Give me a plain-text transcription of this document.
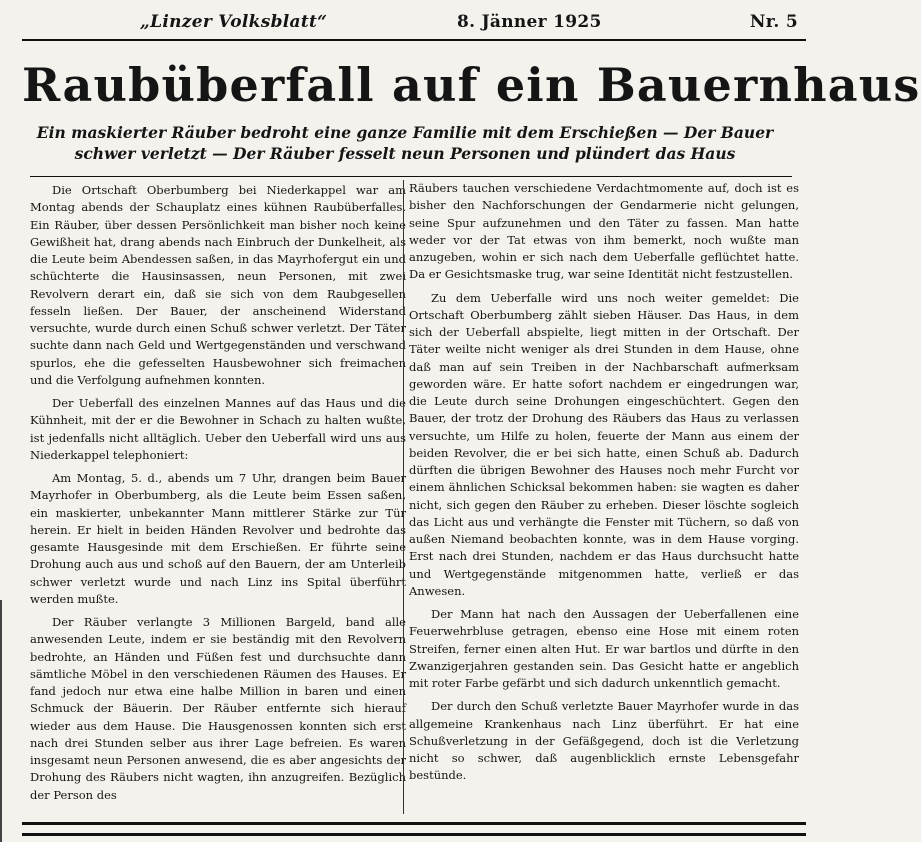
„Linzer Volksblatt“	8. Jänner 1925	Nr. 5
Raubüberfall auf ein Bauernhaus
Ein maskierter Räuber bedroht eine ganze Familie mit dem Erschießen — Der Bauer schwer verletzt — Der Räuber fesselt neun Personen und plündert das Haus

Die Ortschaft Oberbumberg bei Niederkappel war am Montag abends der Schauplatz eines kühnen Raubüberfalles. Ein Räuber, über dessen Persönlichkeit man bisher noch keine Gewißheit hat, drang abends nach Einbruch der Dunkelheit, als die Leute beim Abendessen saßen, in das Mayrhofergut ein und schüchterte die Hausinsassen, neun Personen, mit zwei Revolvern derart ein, daß sie sich von dem Raubgesellen fesseln ließen. Der Bauer, der anscheinend Widerstand versuchte, wurde durch einen Schuß schwer verletzt. Der Täter suchte dann nach Geld und Wertgegenständen und verschwand spurlos, ehe die gefesselten Hausbewohner sich freimachen und die Verfolgung aufnehmen konnten.

Der Ueberfall des einzelnen Mannes auf das Haus und die Kühnheit, mit der er die Bewohner in Schach zu halten wußte, ist jedenfalls nicht alltäglich. Ueber den Ueberfall wird uns aus Niederkappel telephoniert:

Am Montag, 5. d., abends um 7 Uhr, drangen beim Bauer Mayrhofer in Oberbumberg, als die Leute beim Essen saßen, ein maskierter, unbekannter Mann mittlerer Stärke zur Tür herein. Er hielt in beiden Händen Revolver und bedrohte das gesamte Hausgesinde mit dem Erschießen. Er führte seine Drohung auch aus und schoß auf den Bauern, der am Unterleib schwer verletzt wurde und nach Linz ins Spital überführt werden mußte.

Der Räuber verlangte 3 Millionen Bargeld, band alle anwesenden Leute, indem er sie beständig mit den Revolvern bedrohte, an Händen und Füßen fest und durchsuchte dann sämtliche Möbel in den verschiedenen Räumen des Hauses. Er fand jedoch nur etwa eine halbe Million in baren und einen Schmuck der Bäuerin. Der Räuber entfernte sich hierauf wieder aus dem Hause. Die Hausgenossen konnten sich erst nach drei Stunden selber aus ihrer Lage befreien. Es waren insgesamt neun Personen anwesend, die es aber angesichts der Drohung des Räubers nicht wagten, ihn anzugreifen. Bezüglich der Person des

Räubers tauchen verschiedene Verdachtmomente auf, doch ist es bisher den Nachforschungen der Gendarmerie nicht gelungen, seine Spur aufzunehmen und den Täter zu fassen. Man hatte weder vor der Tat etwas von ihm bemerkt, noch wußte man anzugeben, wohin er sich nach dem Ueberfalle geflüchtet hatte. Da er Gesichtsmaske trug, war seine Identität nicht festzustellen.

Zu dem Ueberfalle wird uns noch weiter gemeldet: Die Ortschaft Oberbumberg zählt sieben Häuser. Das Haus, in dem sich der Ueberfall abspielte, liegt mitten in der Ortschaft. Der Täter weilte nicht weniger als drei Stunden in dem Hause, ohne daß man auf sein Treiben in der Nachbarschaft aufmerksam geworden wäre. Er hatte sofort nachdem er eingedrungen war, die Leute durch seine Drohungen eingeschüchtert. Gegen den Bauer, der trotz der Drohung des Räubers das Haus zu verlassen versuchte, um Hilfe zu holen, feuerte der Mann aus einem der beiden Revolver, die er bei sich hatte, einen Schuß ab. Dadurch dürften die übrigen Bewohner des Hauses noch mehr Furcht vor einem ähnlichen Schicksal bekommen haben: sie wagten es daher nicht, sich gegen den Räuber zu erheben. Dieser löschte sogleich das Licht aus und verhängte die Fenster mit Tüchern, so daß von außen Niemand beobachten konnte, was in dem Hause vorging. Erst nach drei Stunden, nachdem er das Haus durchsucht hatte und Wertgegenstände mitgenommen hatte, verließ er das Anwesen.

Der Mann hat nach den Aussagen der Ueberfallenen eine Feuerwehrbluse getragen, ebenso eine Hose mit einem roten Streifen, ferner einen alten Hut. Er war bartlos und dürfte in den Zwanzigerjahren gestanden sein. Das Gesicht hatte er angeblich mit roter Farbe gefärbt und sich dadurch unkenntlich gemacht.

Der durch den Schuß verletzte Bauer Mayrhofer wurde in das allgemeine Krankenhaus nach Linz überführt. Er hat eine Schußverletzung in der Gefäßgegend, doch ist die Verletzung nicht so schwer, daß augenblicklich ernste Lebensgefahr bestünde.
